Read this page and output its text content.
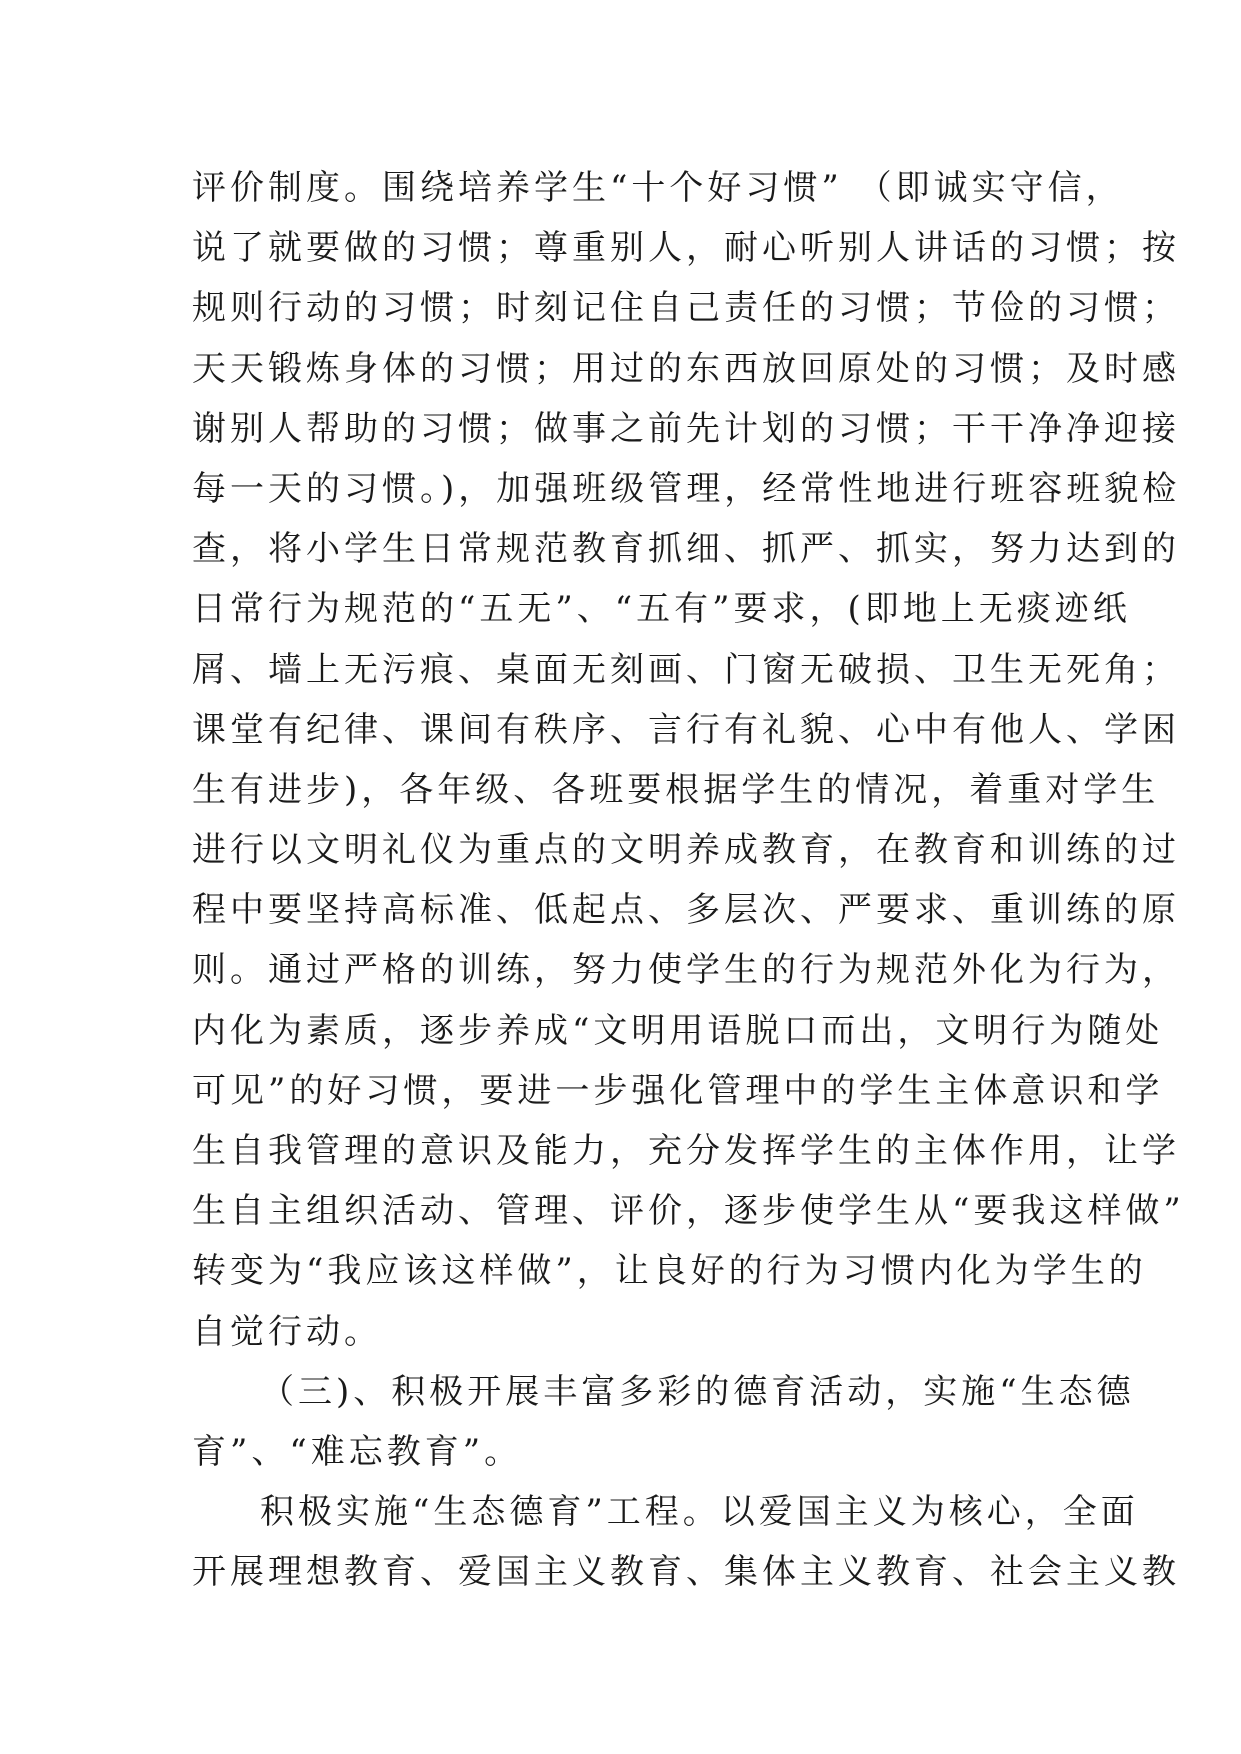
评价制度。围绕培养学生“十个好习惯” （即诚实守信，
说了就要做的习惯；尊重别人，耐心听别人讲话的习惯；按
规则行动的习惯；时刻记住自己责任的习惯；节俭的习惯；
天天锻炼身体的习惯；用过的东西放回原处的习惯；及时感
谢别人帮助的习惯；做事之前先计划的习惯；干干净净迎接
每一天的习惯。)，加强班级管理，经常性地进行班容班貌检
查，将小学生日常规范教育抓细、抓严、抓实，努力达到的
日常行为规范的“五无”、“五有”要求，(即地上无痰迹纸
屑、墙上无污痕、桌面无刻画、门窗无破损、卫生无死角；
课堂有纪律、课间有秩序、言行有礼貌、心中有他人、学困
生有进步)，各年级、各班要根据学生的情况，着重对学生
进行以文明礼仪为重点的文明养成教育，在教育和训练的过
程中要坚持高标准、低起点、多层次、严要求、重训练的原
则。通过严格的训练，努力使学生的行为规范外化为行为，
内化为素质，逐步养成“文明用语脱口而出，文明行为随处
可见”的好习惯，要进一步强化管理中的学生主体意识和学
生自我管理的意识及能力，充分发挥学生的主体作用，让学
生自主组织活动、管理、评价，逐步使学生从“要我这样做”
转变为“我应该这样做”，让良好的行为习惯内化为学生的
自觉行动。
（三)、积极开展丰富多彩的德育活动，实施“生态德
育”、“难忘教育”。
积极实施“生态德育”工程。以爱国主义为核心，全面
开展理想教育、爱国主义教育、集体主义教育、社会主义教
